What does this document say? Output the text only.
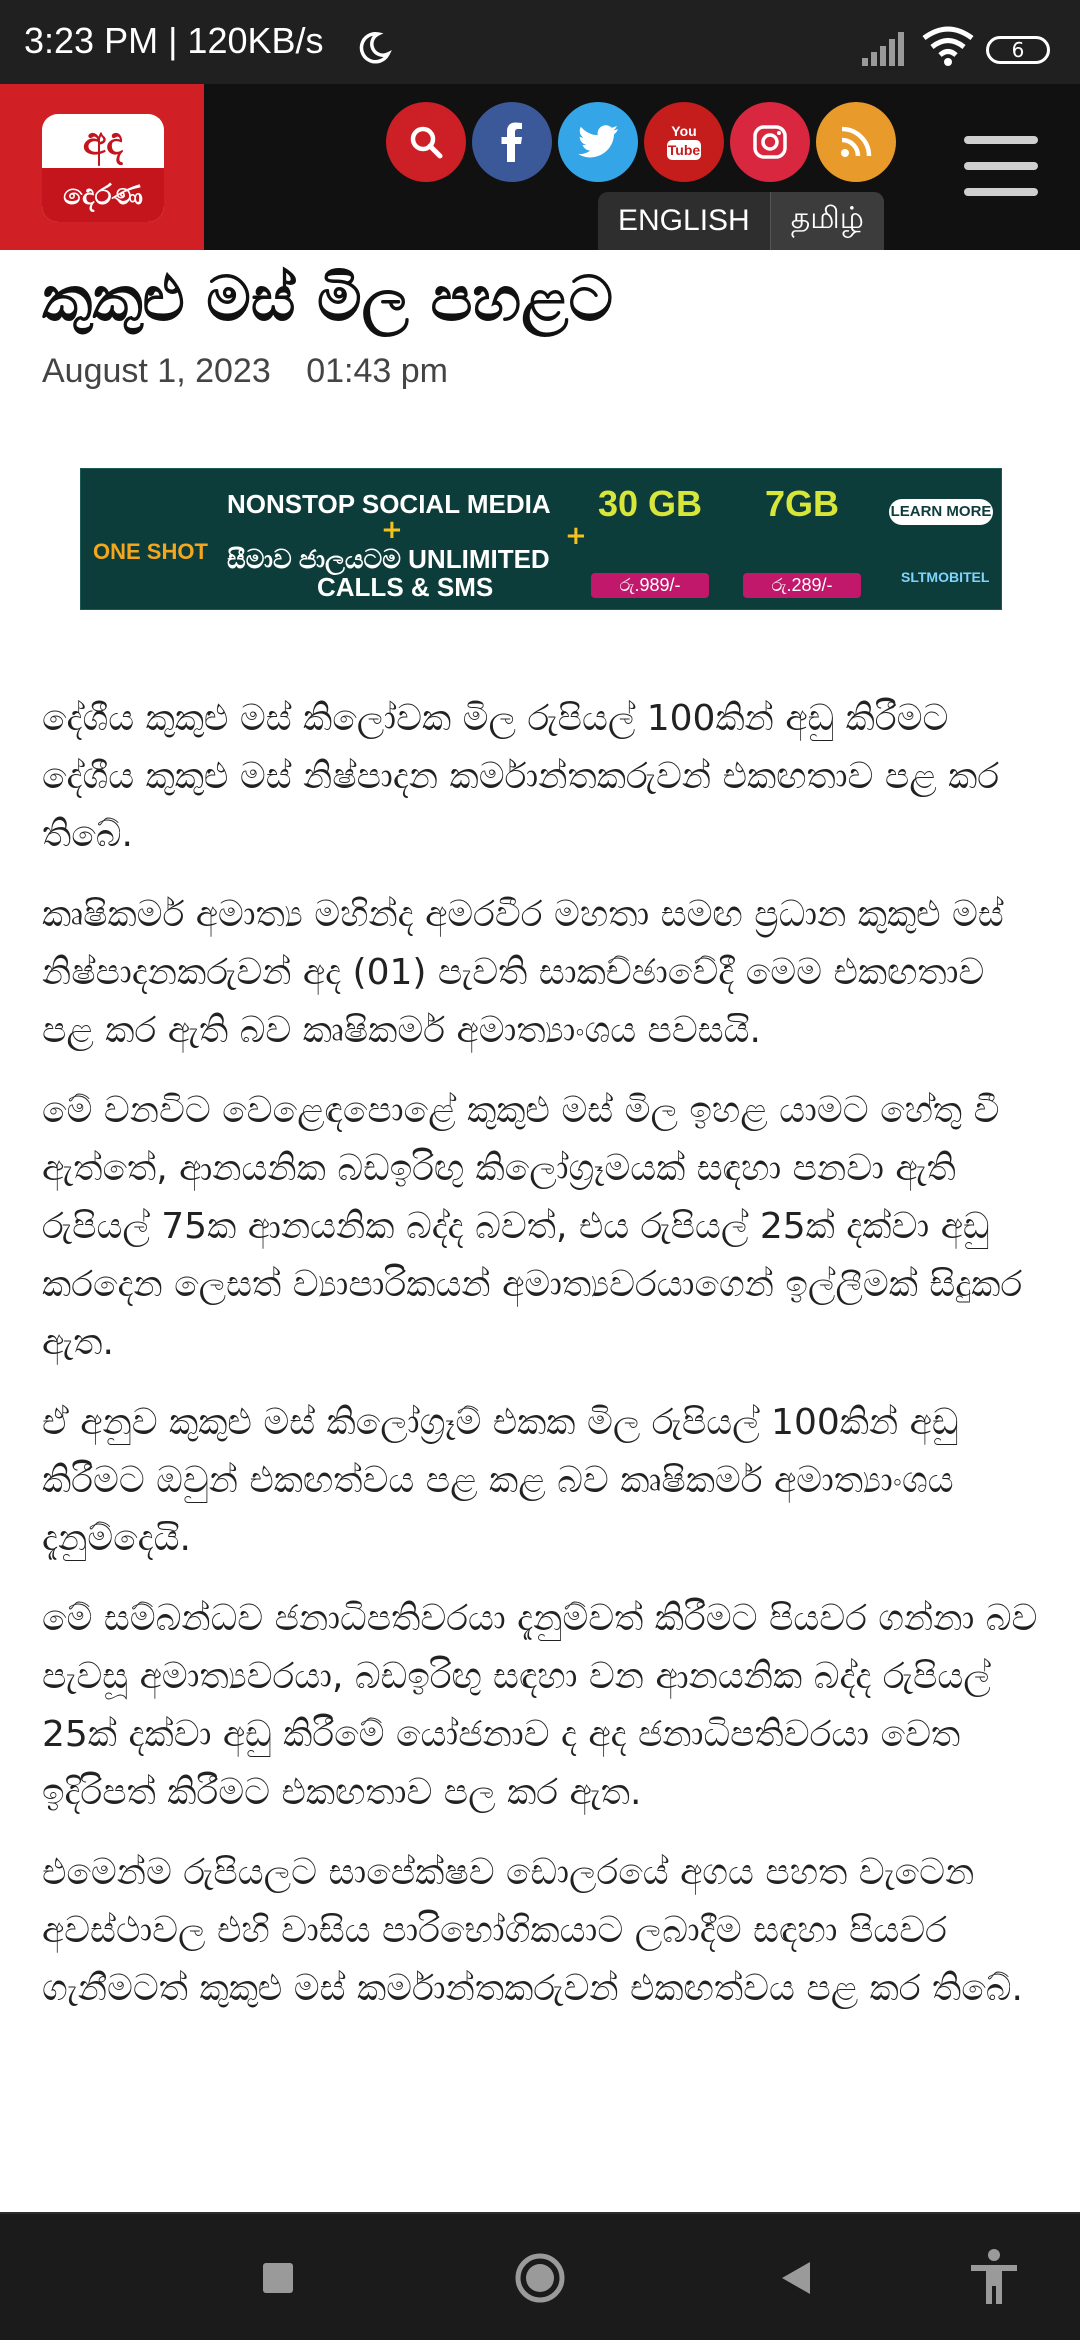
3:23 PM | 120KB/s	6
අද
දෙරණ
You
Tube
ENGLISH	தமிழ்
කුකුළු මස් මිල පහළට
August 1, 2023 01:43 pm
ONE SHOT
NONSTOP SOCIAL MEDIA
+
සීමාව ජාලයටම UNLIMITED
CALLS & SMS
+
30 GB
රු.989/-
7GB
රු.289/-
LEARN MORE
SLTMOBITEL

දේශීය කුකුළු මස් කිලෝවක මිල රුපියල් 100කින් අඩු කිරීමට දේශීය කුකුළු මස් නිෂ්පාදන කර්මාන්තකරුවන් එකඟතාව පළ කර තිබේ.

කෘෂිකර්ම අමාත්‍ය මහින්ද අමරවීර මහතා සමඟ ප්‍රධාන කුකුළු මස් නිෂ්පාදනකරුවන් අද (01) පැවති සාකච්ඡාවේදී මෙම එකඟතාව පළ කර ඇති බව කෘෂිකර්ම අමාත්‍යාංශය පවසයි.

මේ වනවිට වෙළෙඳපොළේ කුකුළු මස් මිල ඉහළ යාමට හේතු වී ඇත්තේ, ආනයනික බඩඉරිඟු කිලෝග්‍රෑමයක් සඳහා පනවා ඇති රුපියල් 75ක ආනයනික බද්ද බවත්, එය රුපියල් 25ක් දක්වා අඩු කරදෙන ලෙසත් ව්‍යාපාරිකයන් අමාත්‍යවරයාගෙන් ඉල්ලීමක් සිදුකර ඇත.

ඒ අනුව කුකුළු මස් කිලෝග්‍රෑම් එකක මිල රුපියල් 100කින් අඩු කිරීමට ඔවුන් එකඟත්වය පළ කළ බව කෘෂිකර්ම අමාත්‍යාංශය දැනුම්දෙයි.

මේ සම්බන්ධව ජනාධිපතිවරයා දැනුම්වත් කිරීමට පියවර ගන්නා බව පැවසූ අමාත්‍යවරයා, බඩඉරිඟු සඳහා වන ආනයනික බද්ද රුපියල් 25ක් දක්වා අඩු කිරීමේ යෝජනාව ද අද ජනාධිපතිවරයා වෙත ඉදිරිපත් කිරීමට එකඟතාව පල කර ඇත.

එමෙන්ම රුපියලට සාපේක්ෂව ඩොලරයේ අගය පහත වැටෙන අවස්ථාවල එහි වාසිය පාරිභෝගිකයාට ලබාදීම සඳහා පියවර ගැනීමටත් කුකුළු මස් කර්මාන්තකරුවන් එකඟත්වය පළ කර තිබේ.
